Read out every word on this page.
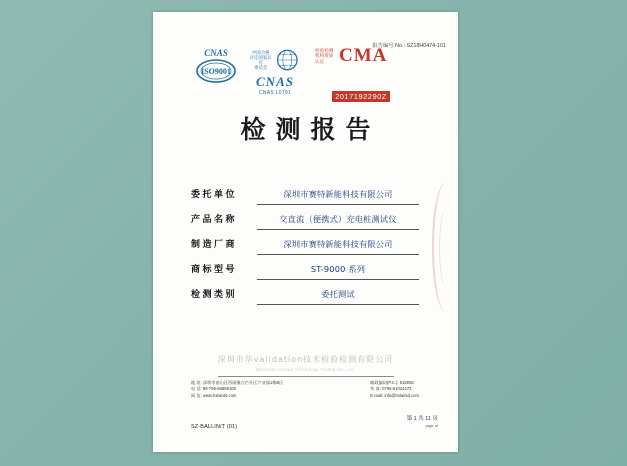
报告编号 No.: SZ18H0474-101
CNAS
ISO9001
中国合格
评定国家认可
委员会
CNAS
CNAS L0791
检验检测
机构资质
认定 CMA
2017192290Z
检测报告
委托单位	深圳市赛特新能科技有限公司
产品名称	交直流（便携式）充电桩测试仪
制造厂商	深圳市赛特新能科技有限公司
商标型号	ST-9000 系列
检测类别	委托测试
深圳市华validation技术检验检测有限公司
Shenzhen Huaxin Technology Testing Co., Ltd.
地 址: 深圳市南山区西丽镇白芒社区产业园1栋B区
电 话: 86-755-66856100
网 址: www.hxlaintd.com
邮政编码(P.C.): 518055
传 真: 0755-61024273
E-mail: info@hxlaintd.com
SZ-BALLIN/T (01)
第 1 共 11 页
page of
